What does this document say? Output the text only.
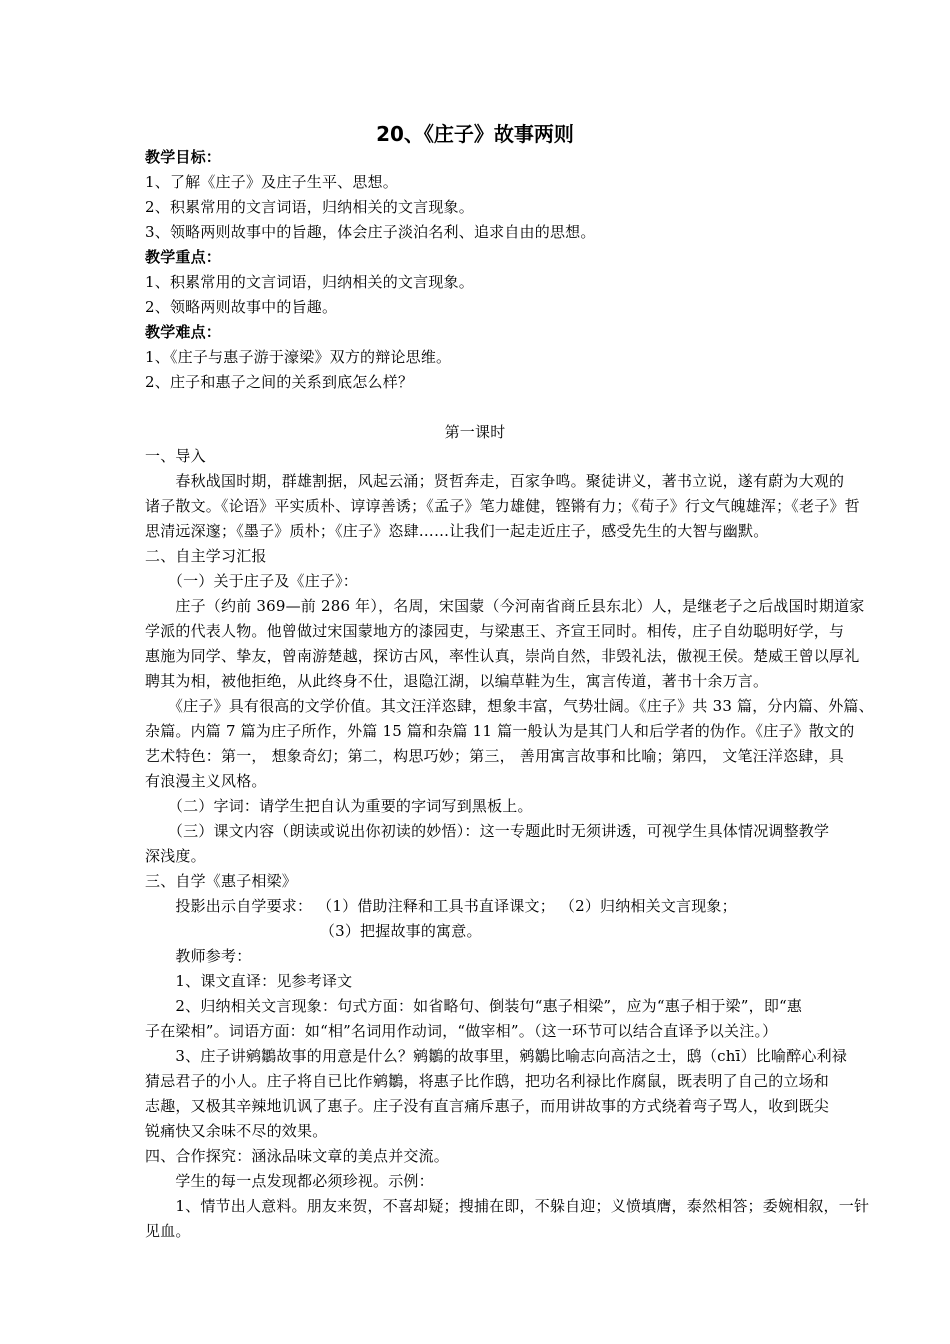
20、《庄子》故事两则
教学目标：
1、了解《庄子》及庄子生平、思想。
2、积累常用的文言词语，归纳相关的文言现象。
3、领略两则故事中的旨趣，体会庄子淡泊名利、追求自由的思想。
教学重点：
1、积累常用的文言词语，归纳相关的文言现象。
2、领略两则故事中的旨趣。
教学难点：
1、《庄子与惠子游于濠梁》双方的辩论思维。
2、庄子和惠子之间的关系到底怎么样？
第一课时
一、导入
　　春秋战国时期，群雄割据，风起云涌；贤哲奔走，百家争鸣。聚徒讲义，著书立说，遂有蔚为大观的
诸子散文。《论语》平实质朴、谆谆善诱；《孟子》笔力雄健，铿锵有力；《荀子》行文气魄雄浑；《老子》哲
思清远深邃；《墨子》质朴；《庄子》恣肆……让我们一起走近庄子，感受先生的大智与幽默。
二、自主学习汇报
　　（一）关于庄子及《庄子》：
　　庄子（约前 369—前 286 年），名周，宋国蒙（今河南省商丘县东北）人，是继老子之后战国时期道家
学派的代表人物。他曾做过宋国蒙地方的漆园吏，与梁惠王、齐宣王同时。相传，庄子自幼聪明好学，与
惠施为同学、挚友，曾南游楚越，探访古风，率性认真，崇尚自然，非毁礼法，傲视王侯。楚威王曾以厚礼
聘其为相，被他拒绝，从此终身不仕，退隐江湖，以编草鞋为生，寓言传道，著书十余万言。
　　《庄子》具有很高的文学价值。其文汪洋恣肆，想象丰富，气势壮阔。《庄子》共 33 篇，分内篇、外篇、
杂篇。内篇 7 篇为庄子所作，外篇 15 篇和杂篇 11 篇一般认为是其门人和后学者的伪作。《庄子》散文的
艺术特色：第一， 想象奇幻；第二，构思巧妙；第三， 善用寓言故事和比喻；第四， 文笔汪洋恣肆，具
有浪漫主义风格。
　　（二）字词：请学生把自认为重要的字词写到黑板上。
　　（三）课文内容（朗读或说出你初读的妙悟）：这一专题此时无须讲透，可视学生具体情况调整教学
深浅度。
三、自学《惠子相梁》
　　投影出示自学要求： （1）借助注释和工具书直译课文； （2）归纳相关文言现象；
　　　　　　　　　　　　（3）把握故事的寓意。
　　教师参考：
　　1、课文直译：见参考译文
　　2、归纳相关文言现象：句式方面：如省略句、倒装句“惠子相梁”，应为“惠子相于梁”，即“惠
子在梁相”。词语方面：如“相”名词用作动词，“做宰相”。（这一环节可以结合直译予以关注。）
　　3、庄子讲鹓鶵故事的用意是什么？鹓鶵的故事里，鹓鶵比喻志向高洁之士，鸱（chī）比喻醉心利禄
猜忌君子的小人。庄子将自已比作鹓鶵，将惠子比作鸱，把功名利禄比作腐鼠，既表明了自己的立场和
志趣，又极其辛辣地讥讽了惠子。庄子没有直言痛斥惠子，而用讲故事的方式绕着弯子骂人，收到既尖
锐痛快又余味不尽的效果。
四、合作探究：涵泳品味文章的美点并交流。
　　学生的每一点发现都必须珍视。示例：
　　1、情节出人意料。朋友来贺，不喜却疑；搜捕在即，不躲自迎；义愤填膺，泰然相答；委婉相叙，一针
见血。
